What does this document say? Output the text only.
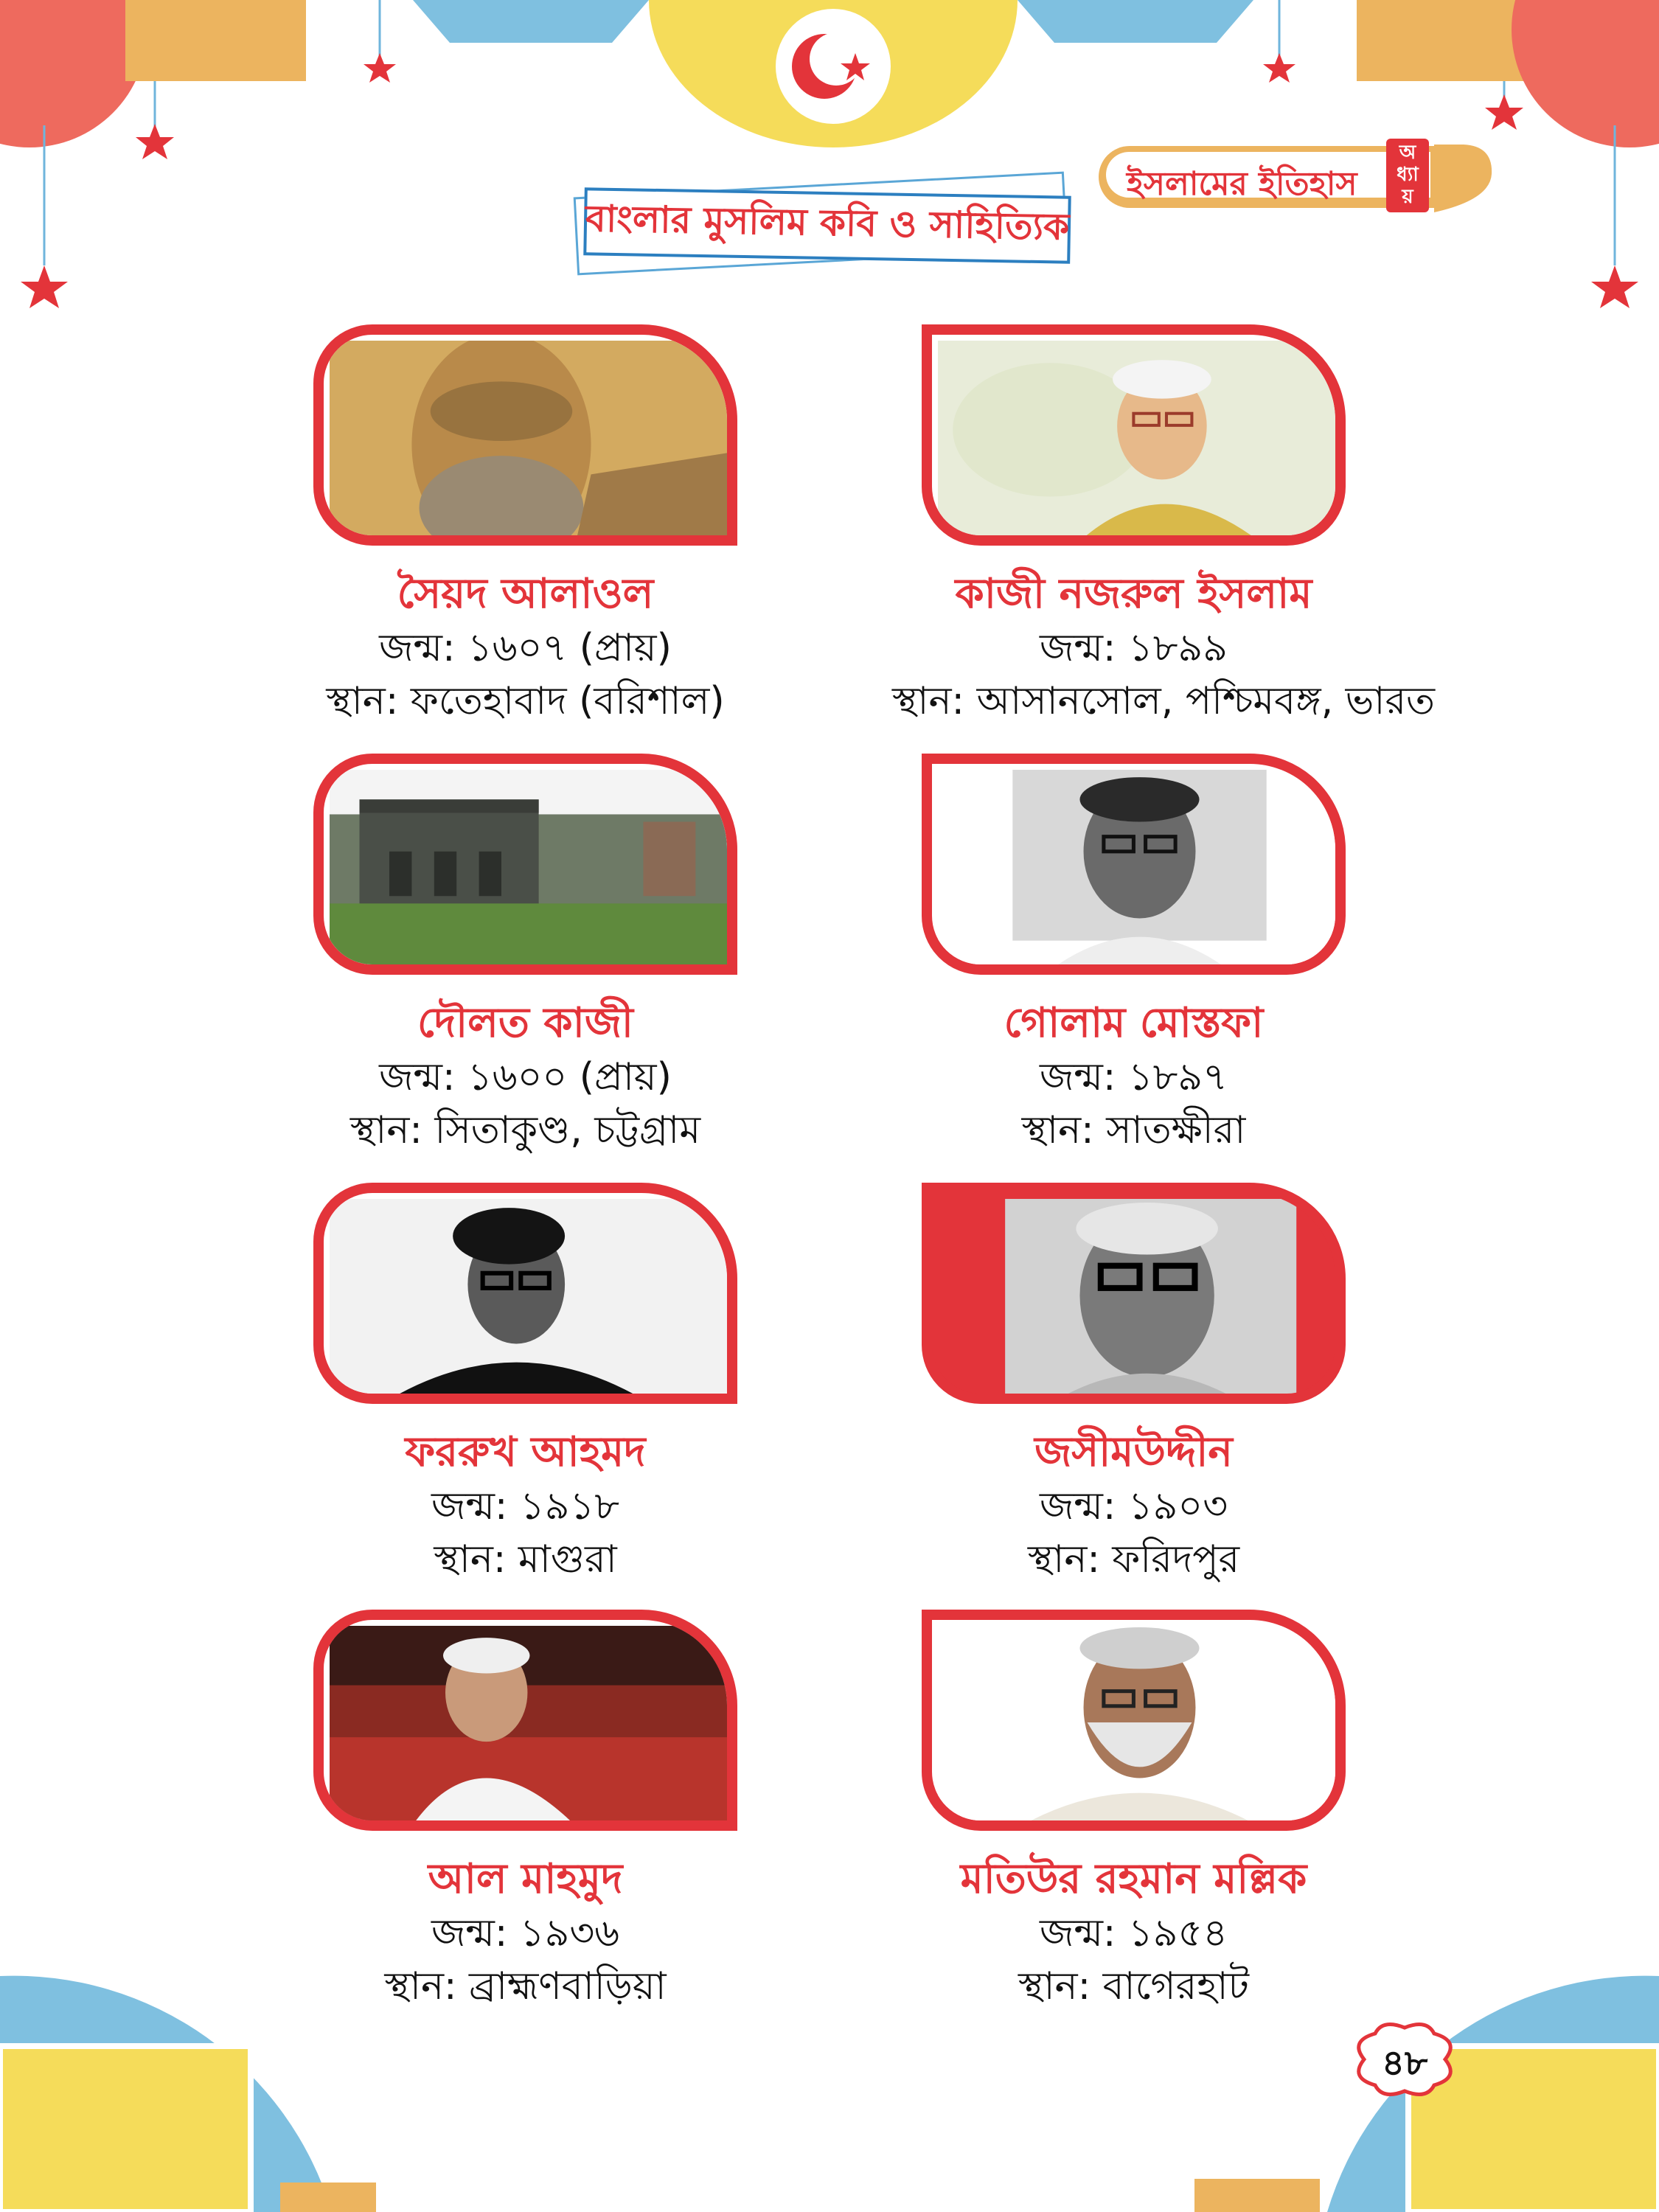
ইসলামের ইতিহাস
অ
ধ্যা
য়
বাংলার মুসলিম কবি ও সাহিত্যিক
সৈয়দ আলাওল
জন্ম: ১৬০৭ (প্রায়)
স্থান: ফতেহাবাদ (বরিশাল)
কাজী নজরুল ইসলাম
জন্ম: ১৮৯৯
স্থান: আসানসোল, পশ্চিমবঙ্গ, ভারত
দৌলত কাজী
জন্ম: ১৬০০ (প্রায়)
স্থান: সিতাকুণ্ড, চট্টগ্রাম
গোলাম মোস্তফা
জন্ম: ১৮৯৭
স্থান: সাতক্ষীরা
ফররুখ আহমদ
জন্ম: ১৯১৮
স্থান: মাগুরা
জসীমউদ্দীন
জন্ম: ১৯০৩
স্থান: ফরিদপুর
আল মাহমুদ
জন্ম: ১৯৩৬
স্থান: ব্রাহ্মণবাড়িয়া
মতিউর রহমান মল্লিক
জন্ম: ১৯৫৪
স্থান: বাগেরহাট
৪৮
